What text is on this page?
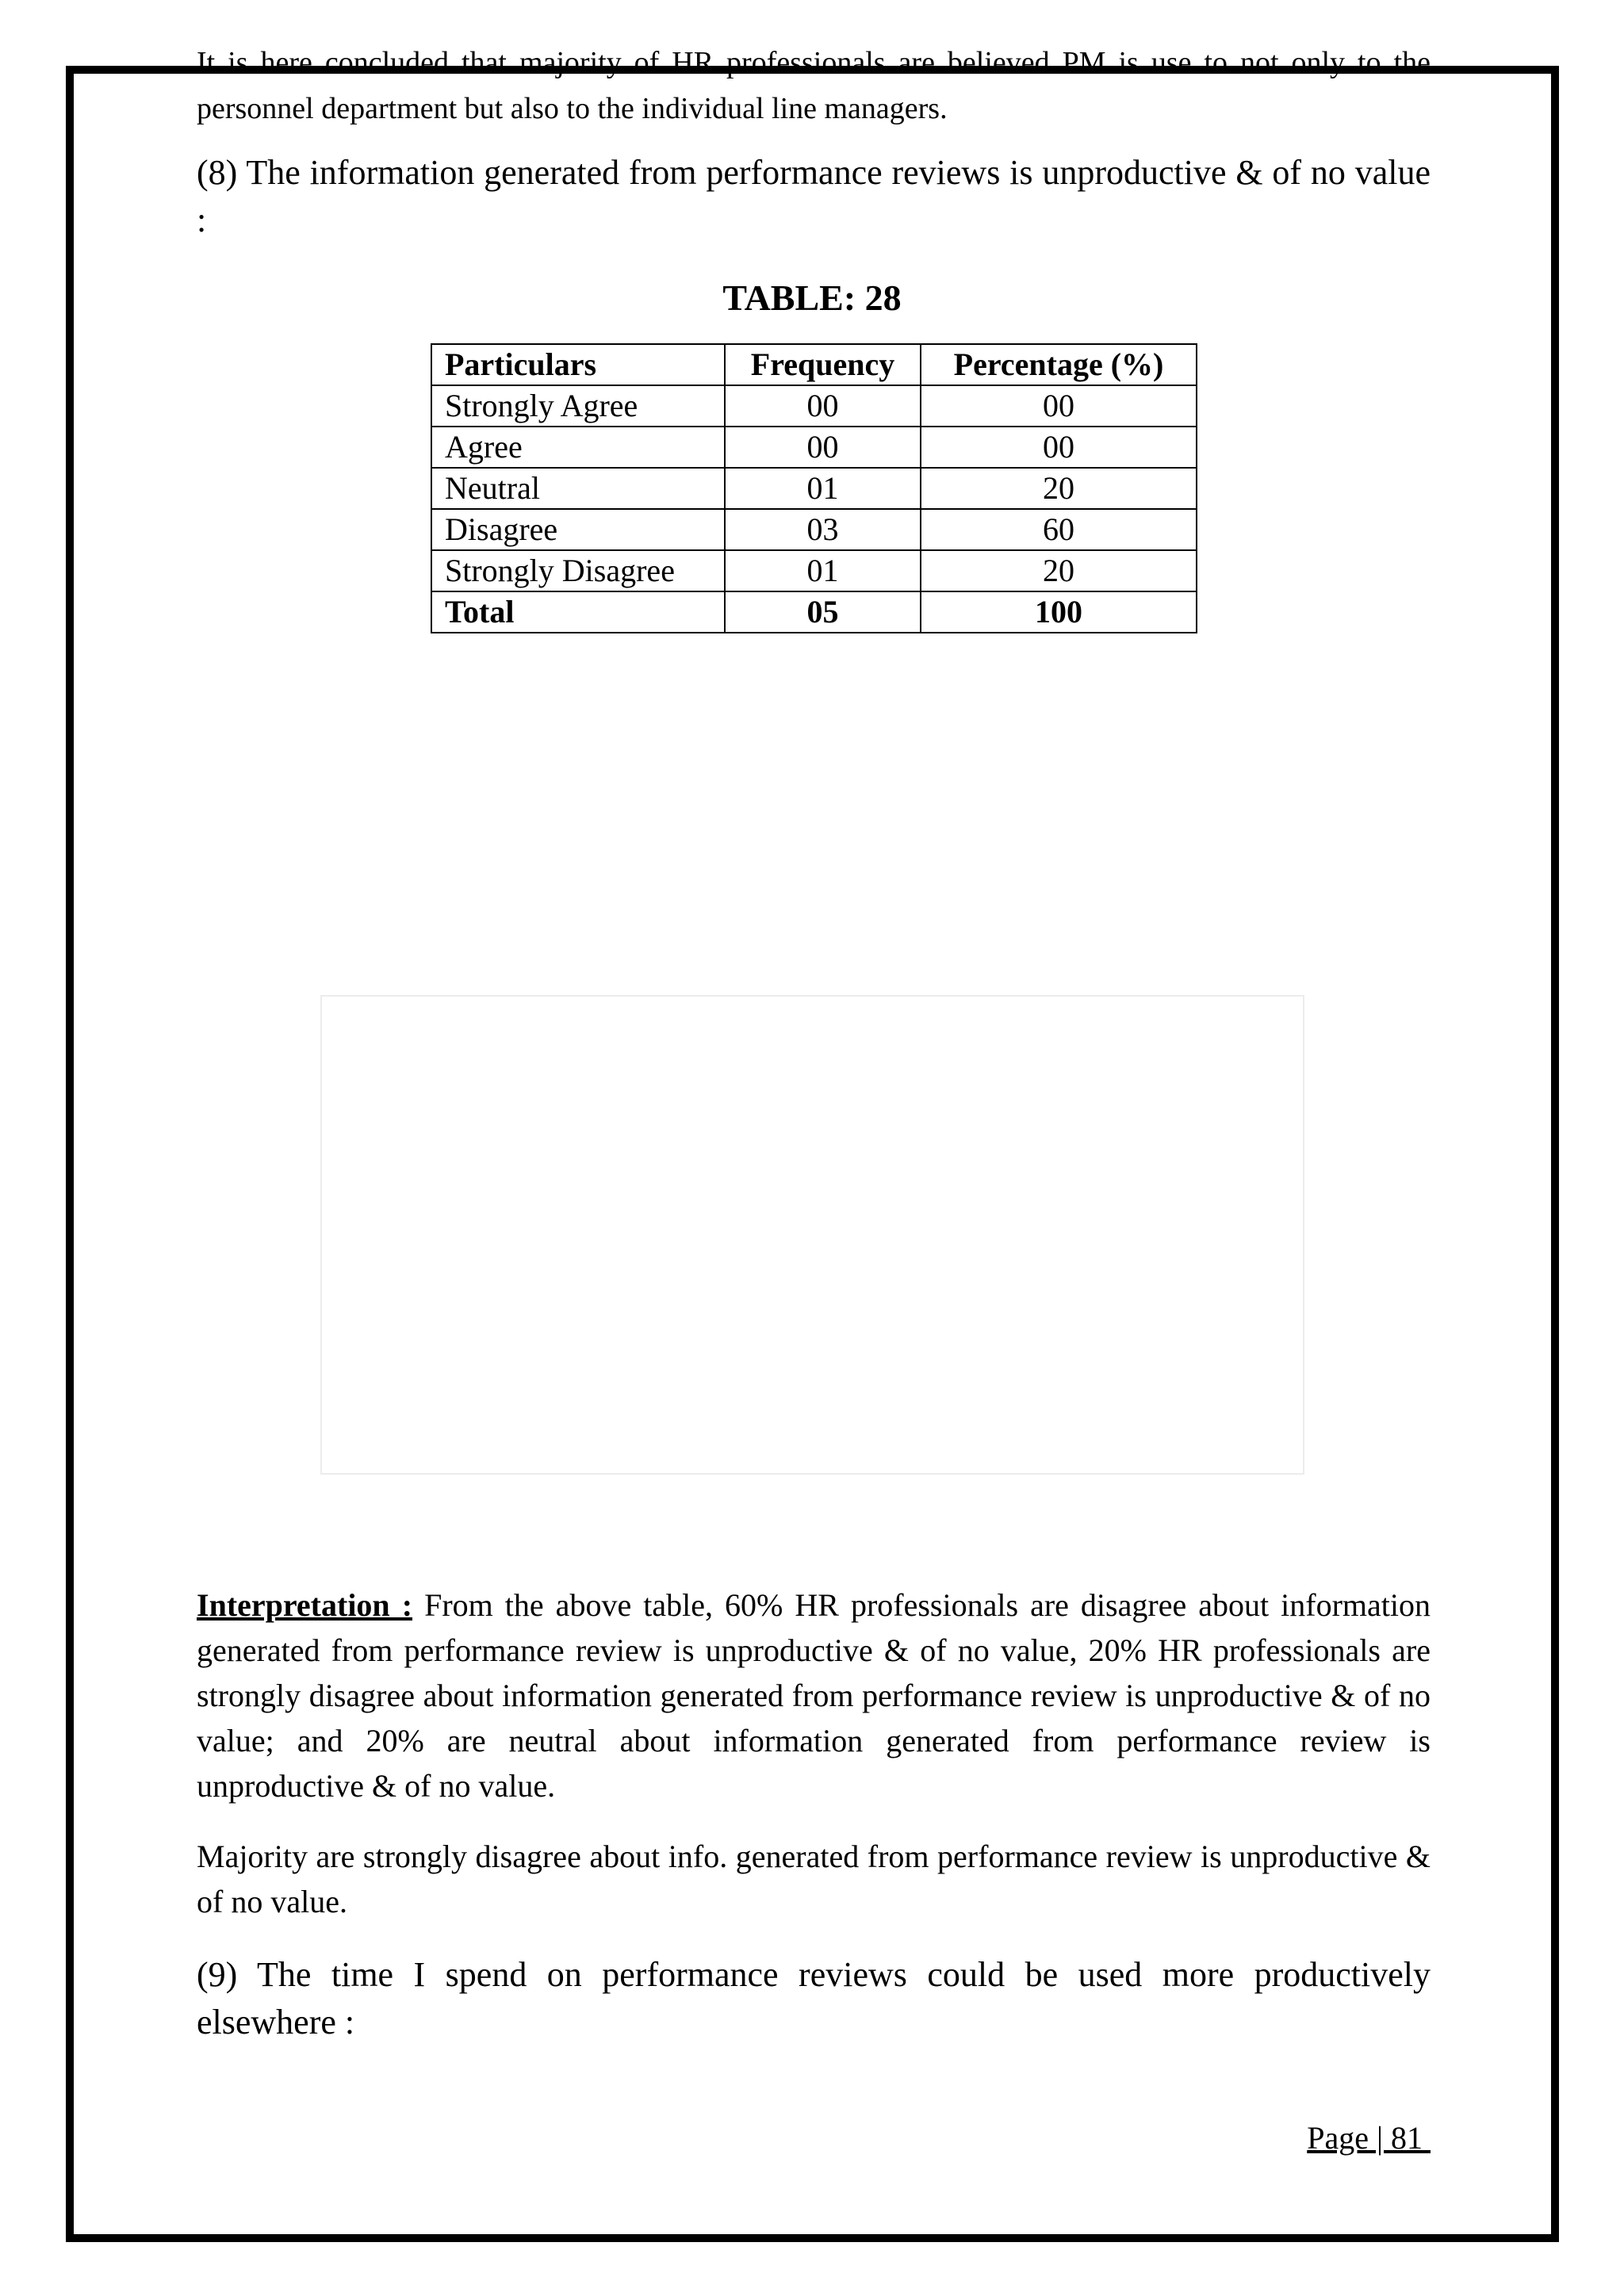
It is here concluded that majority of HR professionals are believed PM is use to not only to the personnel department but also to the individual line managers.

(8) The information generated from performance reviews is unproductive & of no value :

TABLE: 28

Particulars	Frequency	Percentage (%)
Strongly Agree	00	00
Agree	00	00
Neutral	01	20
Disagree	03	60
Strongly Disagree	01	20
Total	05	100

Interpretation : From the above table, 60% HR professionals are disagree about information generated from performance review is unproductive & of no value, 20% HR professionals are strongly disagree about information generated from performance review is unproductive & of no value; and 20% are neutral about information generated from performance review is unproductive & of no value.

Majority are strongly disagree about info. generated from performance review is unproductive & of no value.

(9) The time I spend on performance reviews could be used more productively elsewhere :

Page | 81
